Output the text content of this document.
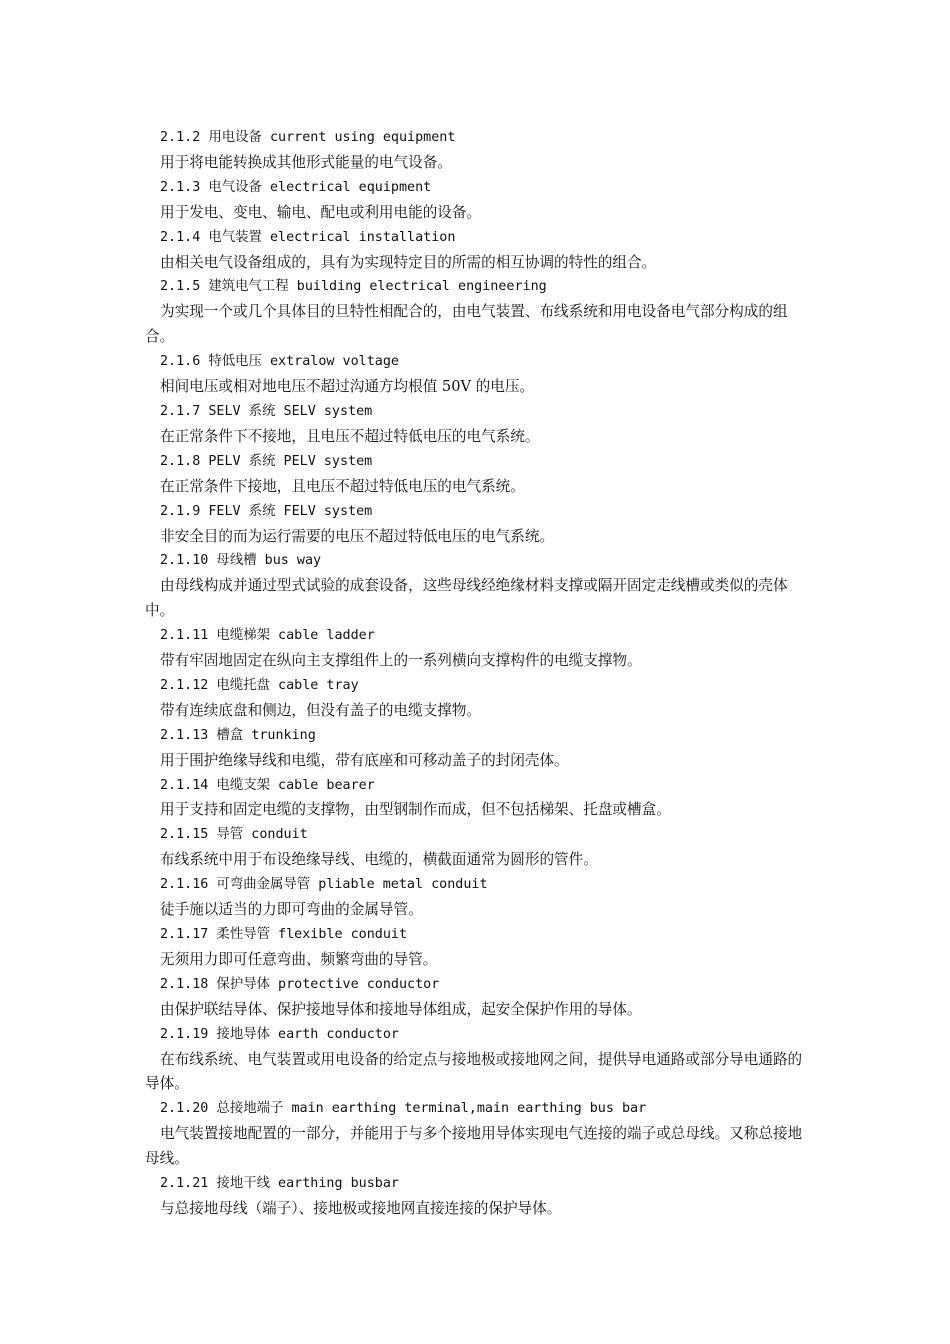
2.1.2 用电设备 current using equipment
用于将电能转换成其他形式能量的电气设备。
2.1.3 电气设备 electrical equipment
用于发电、变电、输电、配电或利用电能的设备。
2.1.4 电气装置 electrical installation
由相关电气设备组成的，具有为实现特定目的所需的相互协调的特性的组合。
2.1.5 建筑电气工程 building electrical engineering
为实现一个或几个具体目的旦特性相配合的，由电气装置、布线系统和用电设备电气部分构成的组合。
2.1.6 特低电压 extralow voltage
相间电压或相对地电压不超过沟通方均根值 50V 的电压。
2.1.7 SELV 系统 SELV system
在正常条件下不接地，且电压不超过特低电压的电气系统。
2.1.8 PELV 系统 PELV system
在正常条件下接地，且电压不超过特低电压的电气系统。
2.1.9 FELV 系统 FELV system
非安全目的而为运行需要的电压不超过特低电压的电气系统。
2.1.10 母线槽 bus way
由母线构成并通过型式试验的成套设备，这些母线经绝缘材料支撑或隔开固定走线槽或类似的壳体中。
2.1.11 电缆梯架 cable ladder
带有牢固地固定在纵向主支撑组件上的一系列横向支撑构件的电缆支撑物。
2.1.12 电缆托盘 cable tray
带有连续底盘和侧边，但没有盖子的电缆支撑物。
2.1.13 槽盒 trunking
用于围护绝缘导线和电缆，带有底座和可移动盖子的封闭壳体。
2.1.14 电缆支架 cable bearer
用于支持和固定电缆的支撑物，由型钢制作而成，但不包括梯架、托盘或槽盒。
2.1.15 导管 conduit
布线系统中用于布设绝缘导线、电缆的，横截面通常为圆形的管件。
2.1.16 可弯曲金属导管 pliable metal conduit
徒手施以适当的力即可弯曲的金属导管。
2.1.17 柔性导管 flexible conduit
无须用力即可任意弯曲、频繁弯曲的导管。
2.1.18 保护导体 protective conductor
由保护联结导体、保护接地导体和接地导体组成，起安全保护作用的导体。
2.1.19 接地导体 earth conductor
在布线系统、电气装置或用电设备的给定点与接地极或接地网之间，提供导电通路或部分导电通路的导体。
2.1.20 总接地端子 main earthing terminal,main earthing bus bar
电气装置接地配置的一部分，并能用于与多个接地用导体实现电气连接的端子或总母线。又称总接地母线。
2.1.21 接地干线 earthing busbar
与总接地母线（端子）、接地极或接地网直接连接的保护导体。
